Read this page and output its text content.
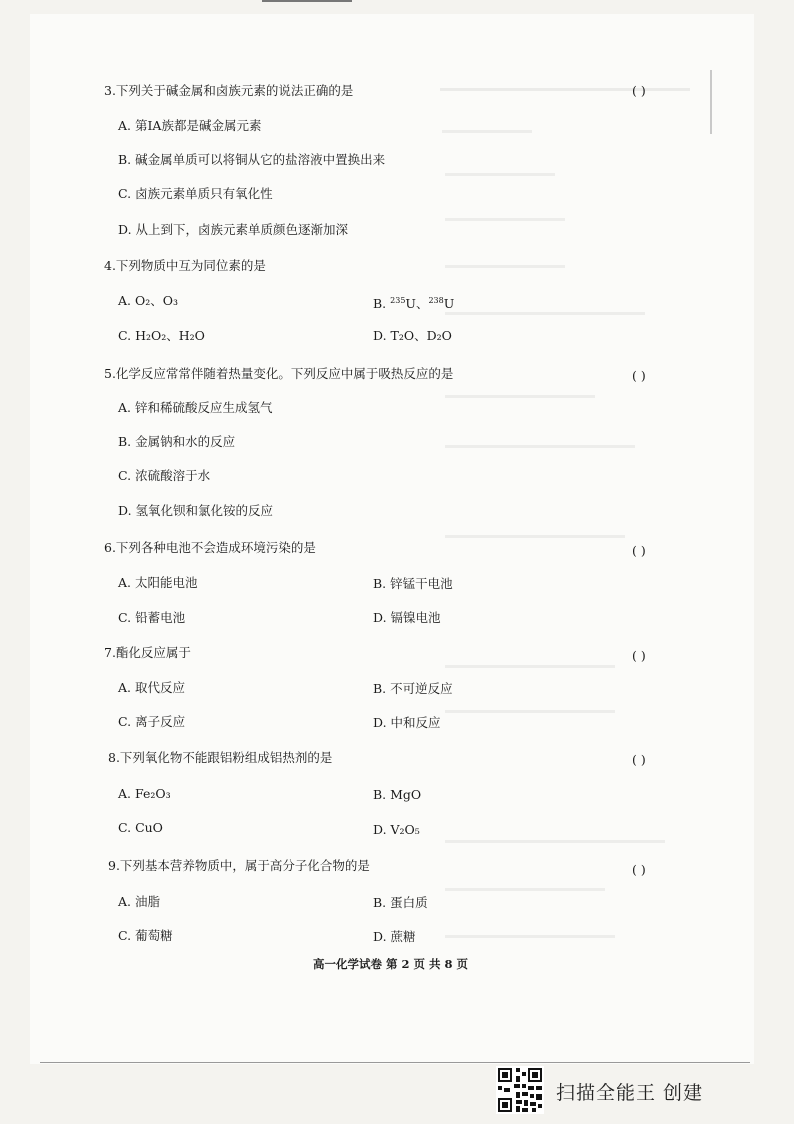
( )
3.下列关于碱金属和卤族元素的说法正确的是
A. 第ⅠA族都是碱金属元素
B. 碱金属单质可以将铜从它的盐溶液中置换出来
C. 卤族元素单质只有氧化性
D. 从上到下，卤族元素单质颜色逐渐加深
4.下列物质中互为同位素的是
A. O₂、O₃	B. $^{235}$U、$^{238}$U
C. H₂O₂、H₂O	D. T₂O、D₂O
5.化学反应常常伴随着热量变化。下列反应中属于吸热反应的是	( )
A. 锌和稀硫酸反应生成氢气
B. 金属钠和水的反应
C. 浓硫酸溶于水
D. 氢氧化钡和氯化铵的反应
6.下列各种电池不会造成环境污染的是	( )
A. 太阳能电池	B. 锌锰干电池
C. 铅蓄电池	D. 镉镍电池
7.酯化反应属于	( )
A. 取代反应	B. 不可逆反应
C. 离子反应	D. 中和反应
8.下列氧化物不能跟铝粉组成铝热剂的是	( )
A. Fe₂O₃	B. MgO
C. CuO	D. V₂O₅
9.下列基本营养物质中，属于高分子化合物的是	( )
A. 油脂	B. 蛋白质
C. 葡萄糖	D. 蔗糖
高一化学试卷 第 2 页 共 8 页
扫描全能王 创建
